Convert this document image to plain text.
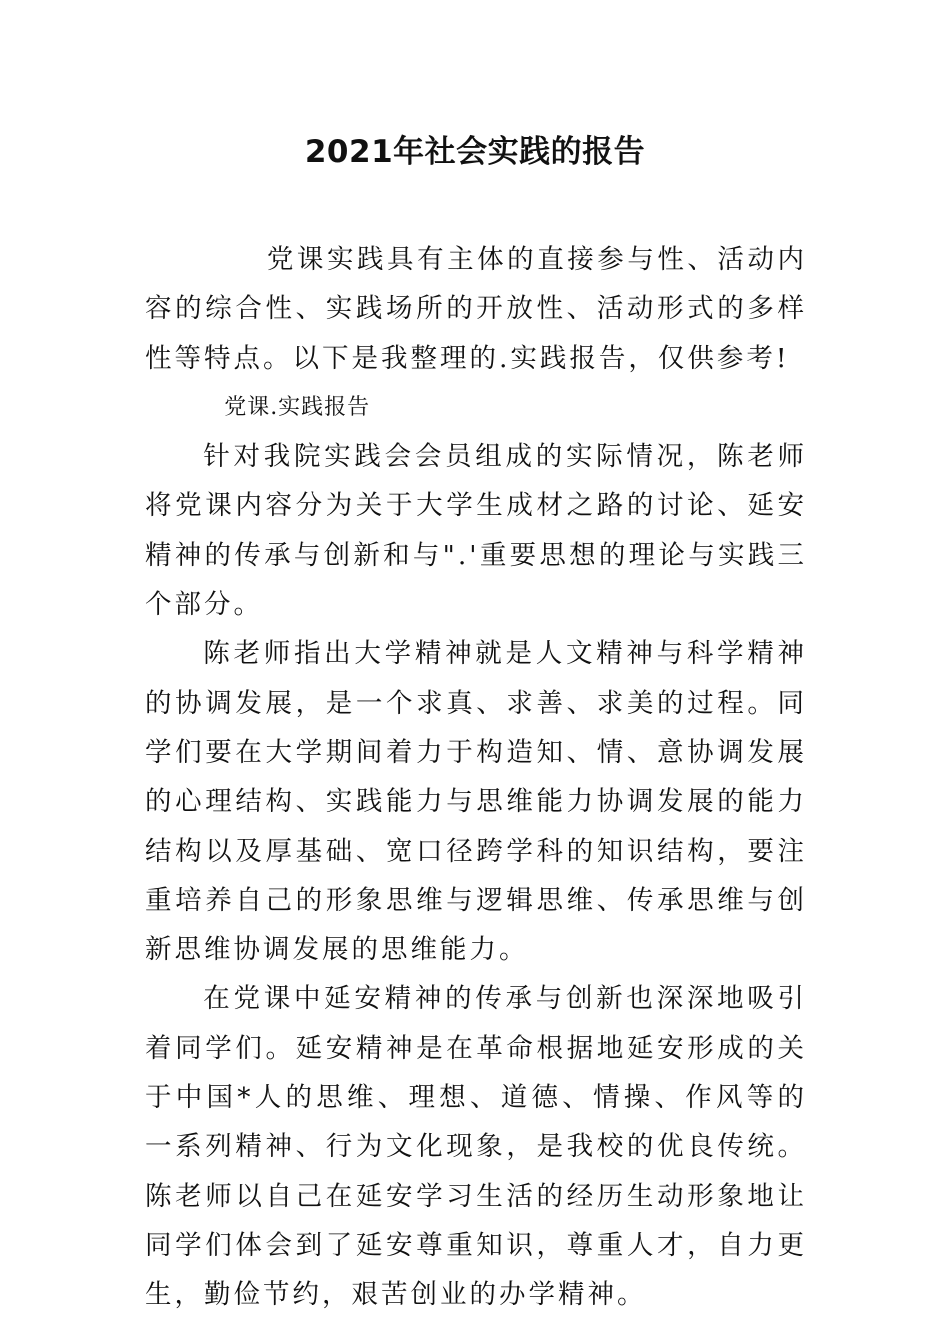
2021年社会实践的报告

党课实践具有主体的直接参与性、活动内容的综合性、实践场所的开放性、活动形式的多样性等特点。以下是我整理的.实践报告，仅供参考!

党课.实践报告

针对我院实践会会员组成的实际情况，陈老师将党课内容分为关于大学生成材之路的讨论、延安精神的传承与创新和与".'重要思想的理论与实践三个部分。

陈老师指出大学精神就是人文精神与科学精神的协调发展，是一个求真、求善、求美的过程。同学们要在大学期间着力于构造知、情、意协调发展的心理结构、实践能力与思维能力协调发展的能力结构以及厚基础、宽口径跨学科的知识结构，要注重培养自己的形象思维与逻辑思维、传承思维与创新思维协调发展的思维能力。

在党课中延安精神的传承与创新也深深地吸引着同学们。延安精神是在革命根据地延安形成的关于中国*人的思维、理想、道德、情操、作风等的一系列精神、行为文化现象，是我校的优良传统。陈老师以自己在延安学习生活的经历生动形象地让同学们体会到了延安尊重知识，尊重人才，自力更生，勤俭节约，艰苦创业的办学精神。
